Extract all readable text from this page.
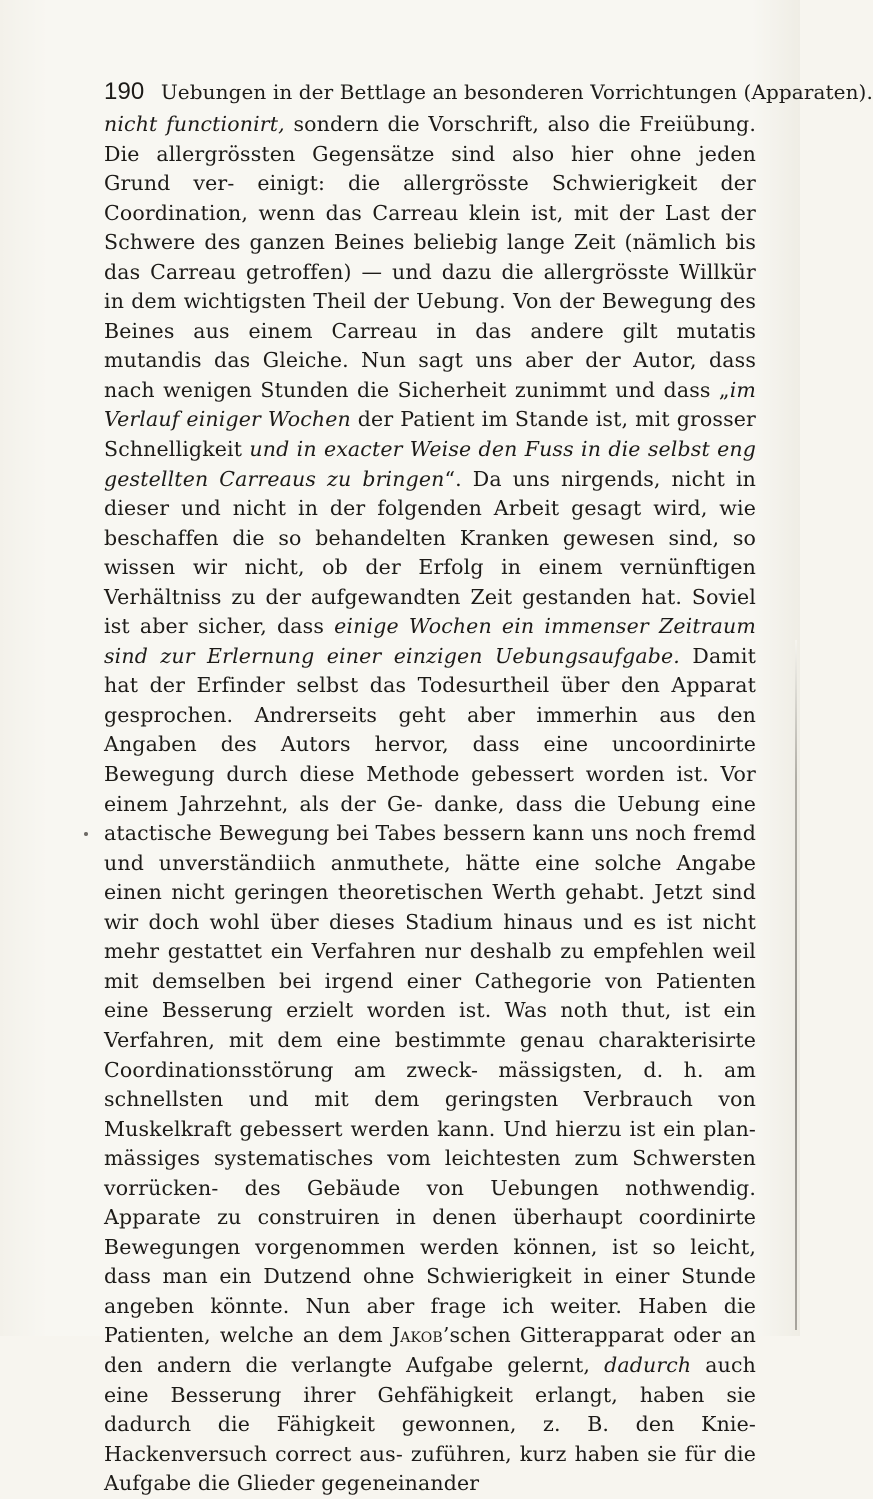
190 Uebungen in der Bettlage an besonderen Vorrichtungen (Apparaten).

nicht functionirt, sondern die Vorschrift, also die Freiübung. Die allergrössten Gegensätze sind also hier ohne jeden Grund ver- einigt: die allergrösste Schwierigkeit der Coordination, wenn das Carreau klein ist, mit der Last der Schwere des ganzen Beines beliebig lange Zeit (nämlich bis das Carreau getroffen) — und dazu die allergrösste Willkür in dem wichtigsten Theil der Uebung. Von der Bewegung des Beines aus einem Carreau in das andere gilt mutatis mutandis das Gleiche. Nun sagt uns aber der Autor, dass nach wenigen Stunden die Sicherheit zunimmt und dass „im Verlauf einiger Wochen der Patient im Stande ist, mit grosser Schnelligkeit und in exacter Weise den Fuss in die selbst eng gestellten Carreaus zu bringen“. Da uns nirgends, nicht in dieser und nicht in der folgenden Arbeit gesagt wird, wie beschaffen die so behandelten Kranken gewesen sind, so wissen wir nicht, ob der Erfolg in einem vernünftigen Verhältniss zu der aufgewandten Zeit gestanden hat. Soviel ist aber sicher, dass einige Wochen ein immenser Zeitraum sind zur Erlernung einer einzigen Uebungsaufgabe. Damit hat der Erfinder selbst das Todesurtheil über den Apparat gesprochen. Andrerseits geht aber immerhin aus den Angaben des Autors hervor, dass eine uncoordinirte Bewegung durch diese Methode gebessert worden ist. Vor einem Jahrzehnt, als der Ge- danke, dass die Uebung eine atactische Bewegung bei Tabes bessern kann uns noch fremd und unverständiich anmuthete, hätte eine solche Angabe einen nicht geringen theoretischen Werth gehabt. Jetzt sind wir doch wohl über dieses Stadium hinaus und es ist nicht mehr gestattet ein Verfahren nur deshalb zu empfehlen weil mit demselben bei irgend einer Cathegorie von Patienten eine Besserung erzielt worden ist. Was noth thut, ist ein Verfahren, mit dem eine bestimmte genau charakterisirte Coordinationsstörung am zweck- mässigsten, d. h. am schnellsten und mit dem geringsten Verbrauch von Muskelkraft gebessert werden kann. Und hierzu ist ein plan- mässiges systematisches vom leichtesten zum Schwersten vorrücken- des Gebäude von Uebungen nothwendig. Apparate zu construiren in denen überhaupt coordinirte Bewegungen vorgenommen werden können, ist so leicht, dass man ein Dutzend ohne Schwierigkeit in einer Stunde angeben könnte. Nun aber frage ich weiter. Haben die Patienten, welche an dem Jakob’schen Gitterapparat oder an den andern die verlangte Aufgabe gelernt, dadurch auch eine Besserung ihrer Gehfähigkeit erlangt, haben sie dadurch die Fähigkeit gewonnen, z. B. den Knie-Hackenversuch correct aus- zuführen, kurz haben sie für die Aufgabe die Glieder gegeneinander
